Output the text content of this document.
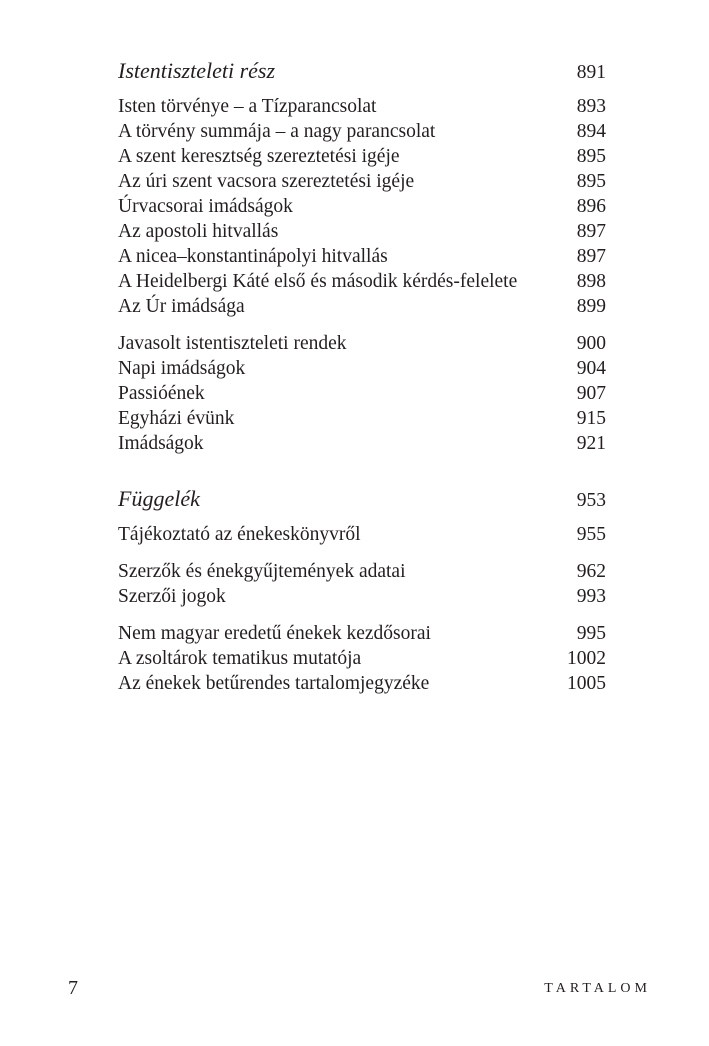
Istentiszteleti rész	891
Isten törvénye – a Tízparancsolat	893
A törvény summája – a nagy parancsolat	894
A szent keresztség szereztetési igéje	895
Az úri szent vacsora szereztetési igéje	895
Úrvacsorai imádságok	896
Az apostoli hitvallás	897
A nicea–konstantinápolyi hitvallás	897
A Heidelbergi Káté első és második kérdés-felelete	898
Az Úr imádsága	899
Javasolt istentiszteleti rendek	900
Napi imádságok	904
Passióének	907
Egyházi évünk	915
Imádságok	921
Függelék	953
Tájékoztató az énekeskönyvről	955
Szerzők és énekgyűjtemények adatai	962
Szerzői jogok	993
Nem magyar eredetű énekek kezdősorai	995
A zsoltárok tematikus mutatója	1002
Az énekek betűrendes tartalomjegyzéke	1005
7	TARTALOM
